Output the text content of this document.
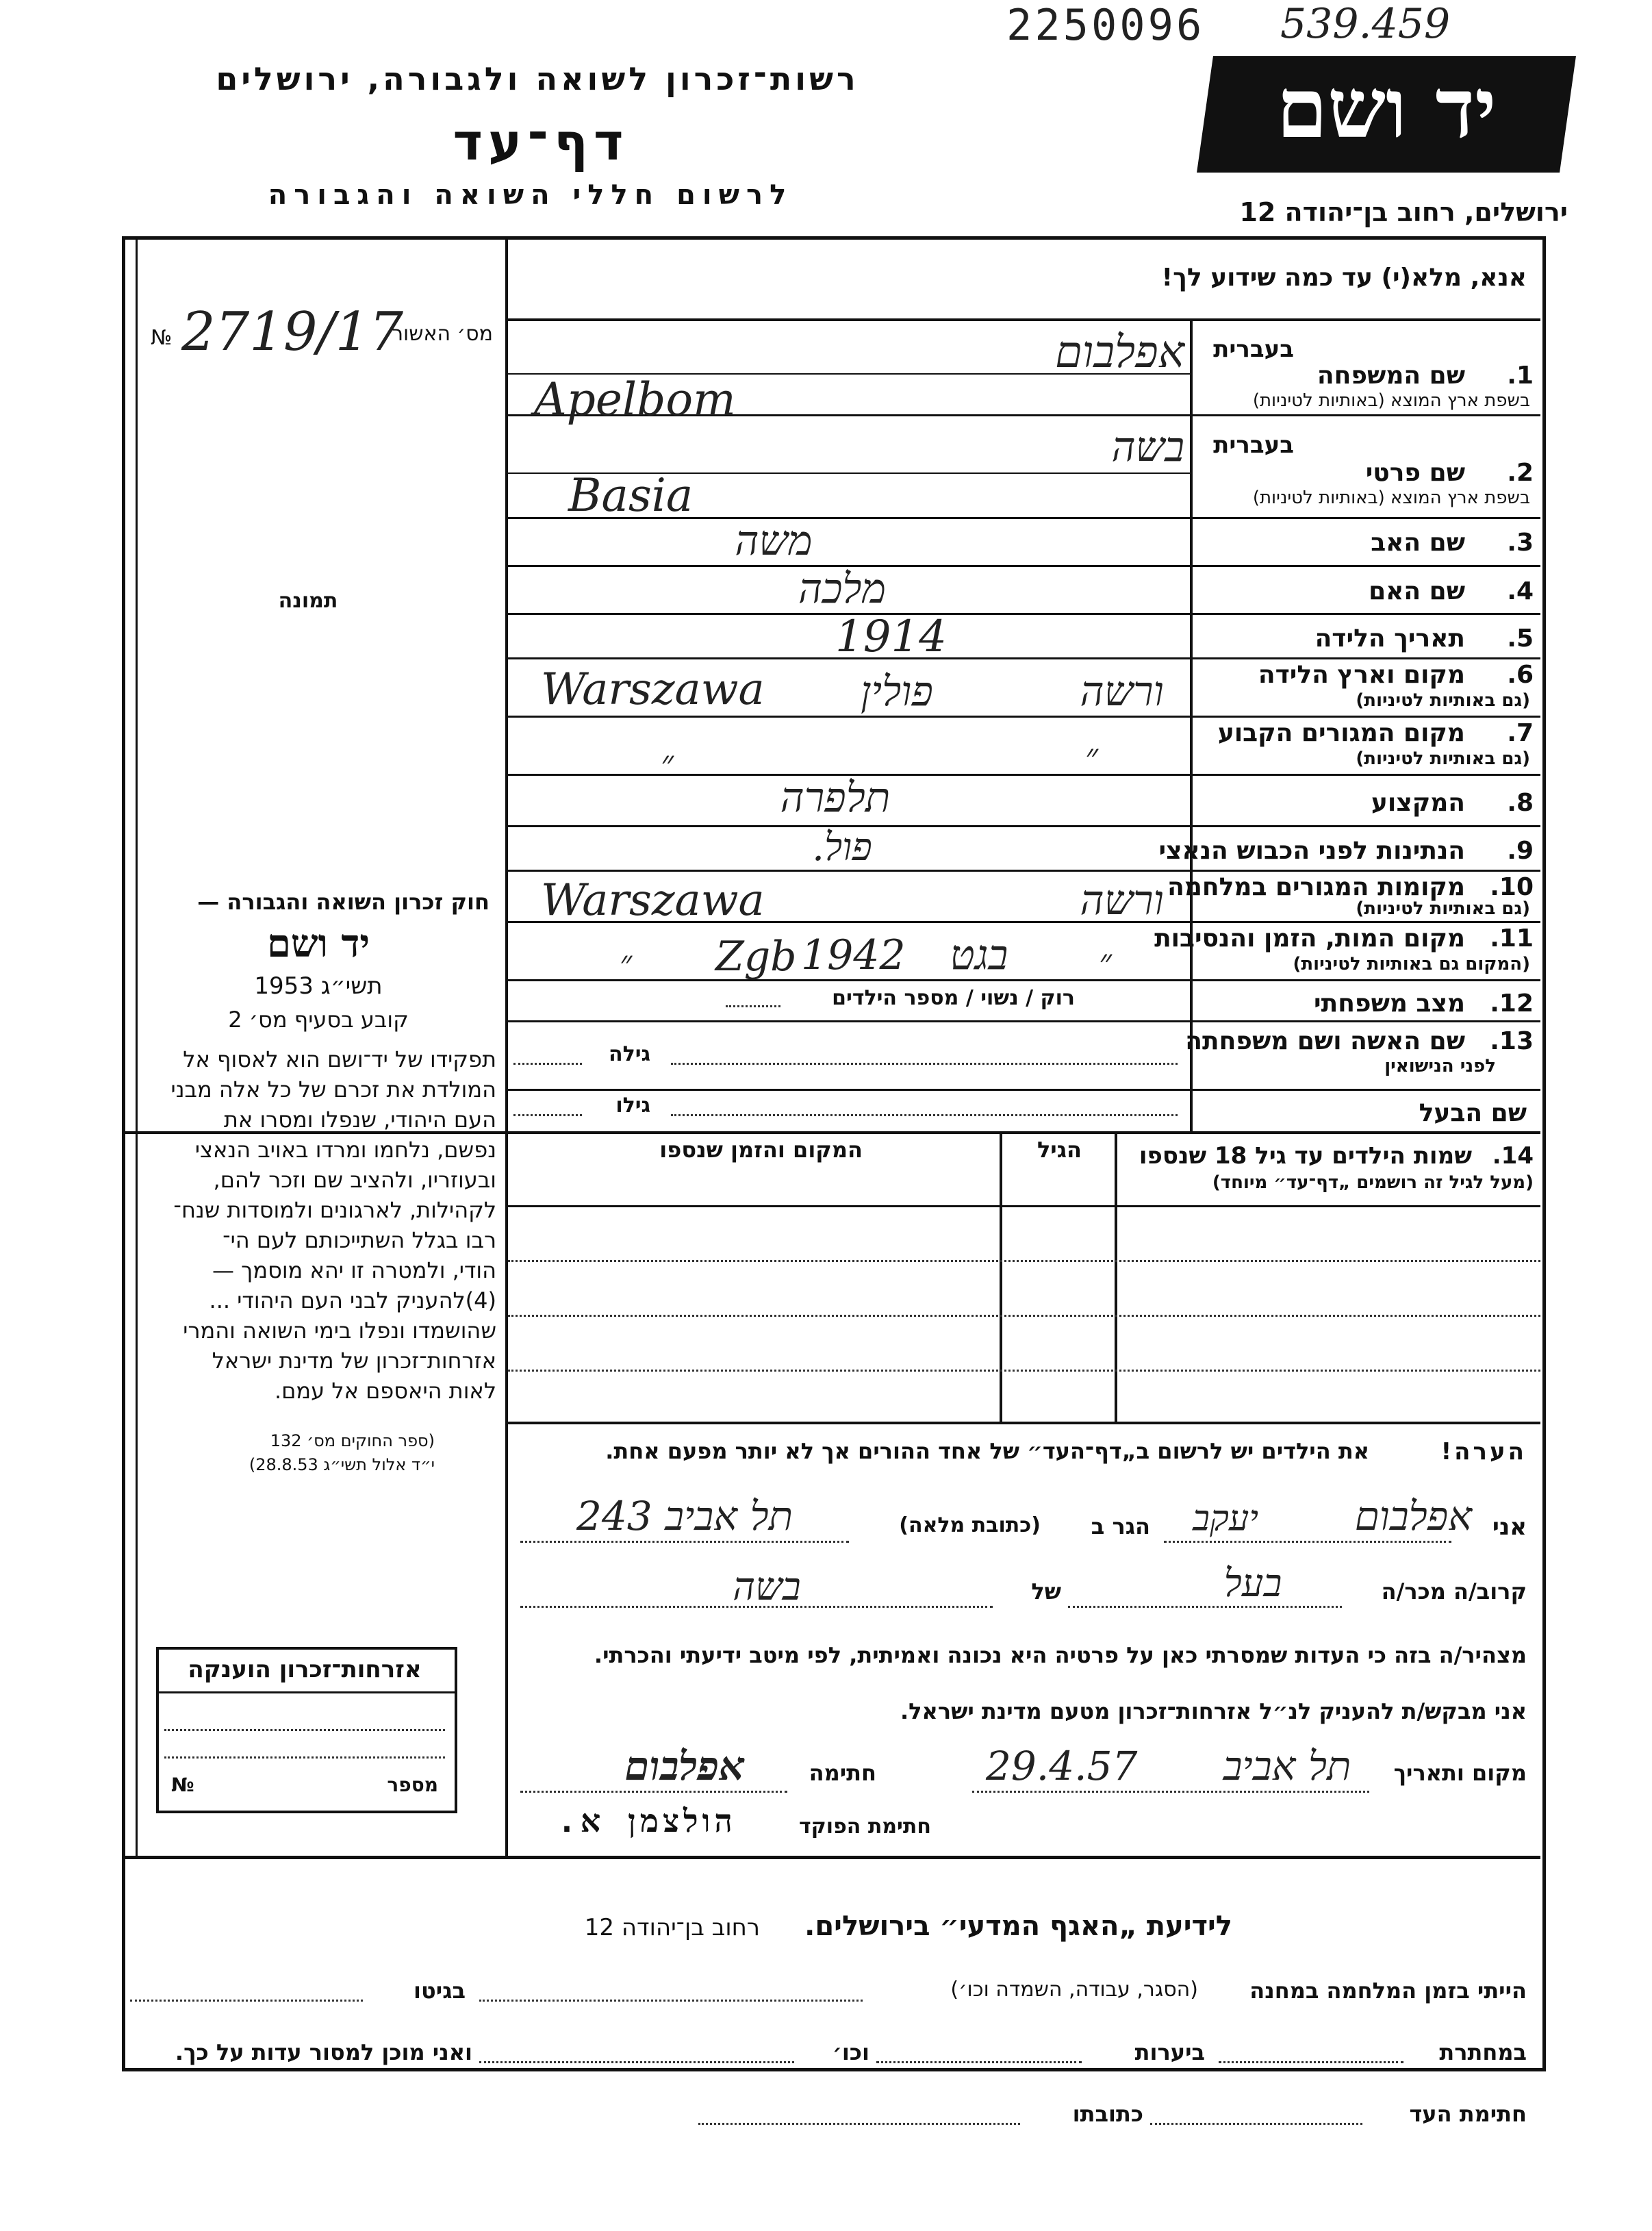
2250096 539.459
רשות־זכרון לשואה ולגבורה, ירושלים
דף־עד
לרשום חללי השואה והגבורה
יד ושם
ירושלים, רחוב בן־יהודה 12
אנא, מלא(י) עד כמה שידוע לך!
מס׳ האשור
№ 2719/17
תמונה
בעברית
1.
שם המשפחה
בשפת ארץ המוצא (באותיות לטיניות)
אפלבום
Apelbom
בעברית
2.
שם פרטי
בשפת ארץ המוצא (באותיות לטיניות)
בשה
Basia
3.
שם האב
משה
4.
שם האם
מלכה
5.
תאריך הלידה
1914
6.
מקום וארץ הלידה
(גם באותיות לטיניות)
ורשה
פולין
Warszawa
7.
מקום המגורים הקבוע
(גם באותיות לטיניות)
״
״
8.
המקצוע
תלפרה
9.
הנתינות לפני הכבוש הנאצי
פול.
10.
מקומות המגורים במלחמה
(גם באותיות לטיניות)
ורשה
Warszawa
11.
מקום המות, הזמן והנסיבות
(המקום גם באותיות לטיניות)
״
בגט
1942
Zgb
״
12.
מצב משפחתי
רוק / נשוי / מספר הילדים
13.
שם האשה ושם משפחתה
לפני הנישואין
גילה
שם הבעל
גילו
14.
שמות הילדים עד גיל 18 שנספו
(מעל לגיל זה רושמים „דף־עד״ מיוחד)
הגיל
המקום והזמן שנספו
חוק זכרון השואה והגבורה —
יד ושם
תשי״ג 1953
קובע בסעיף מס׳ 2
תפקידו של יד־ושם הוא לאסוף אל
המולדת את זכרם של כל אלה מבני
העם היהודי, שנפלו ומסרו את
נפשם, נלחמו ומרדו באויב הנאצי
ובעוזריו, ולהציב שם וזכר להם,
לקהילות, לארגונים ולמוסדות שנח־
רבו בגלל השתייכותם לעם הי־
הודי, ולמטרה זו יהא מוסמך —
(4)להעניק לבני העם היהודי ...
שהושמדו ונפלו בימי השואה והמרי
אזרחות־זכרון של מדינת ישראל
לאות היאספם אל עמם.
(ספר החוקים מס׳ 132
י״ד אלול תשי״ג 28.8.53)
אזרחות־זכרון הוענקה
מספר
№
הערה!
את הילדים יש לרשום ב„דף־העד״ של אחד ההורים אך לא יותר מפעם אחת.
אני
אפלבום
יעקב
הגר ב
(כתובת מלאה)
תל אביב 243
קרוב/ה מכר/ה
בעל
של
בשה
מצהיר/ה בזה כי העדות שמסרתי כאן על פרטיה היא נכונה ואמיתית, לפי מיטב ידיעתי והכרתי.
אני מבקש/ת להעניק לנ״ל אזרחות־זכרון מטעם מדינת ישראל.
מקום ותאריך
תל אביב
29.4.57
חתימה
אפלבום
חתימת הפוקד
הולצמן א.
לידיעת „האגף המדעי״ בירושלים.
רחוב בן־יהודה 12
הייתי בזמן המלחמה במחנה
(הסגר, עבודה, השמדה וכו׳)
בגיטו
במחתרת
ביערות
וכו׳
ואני מוכן למסור עדות על כך.
חתימת העד
כתובתו
